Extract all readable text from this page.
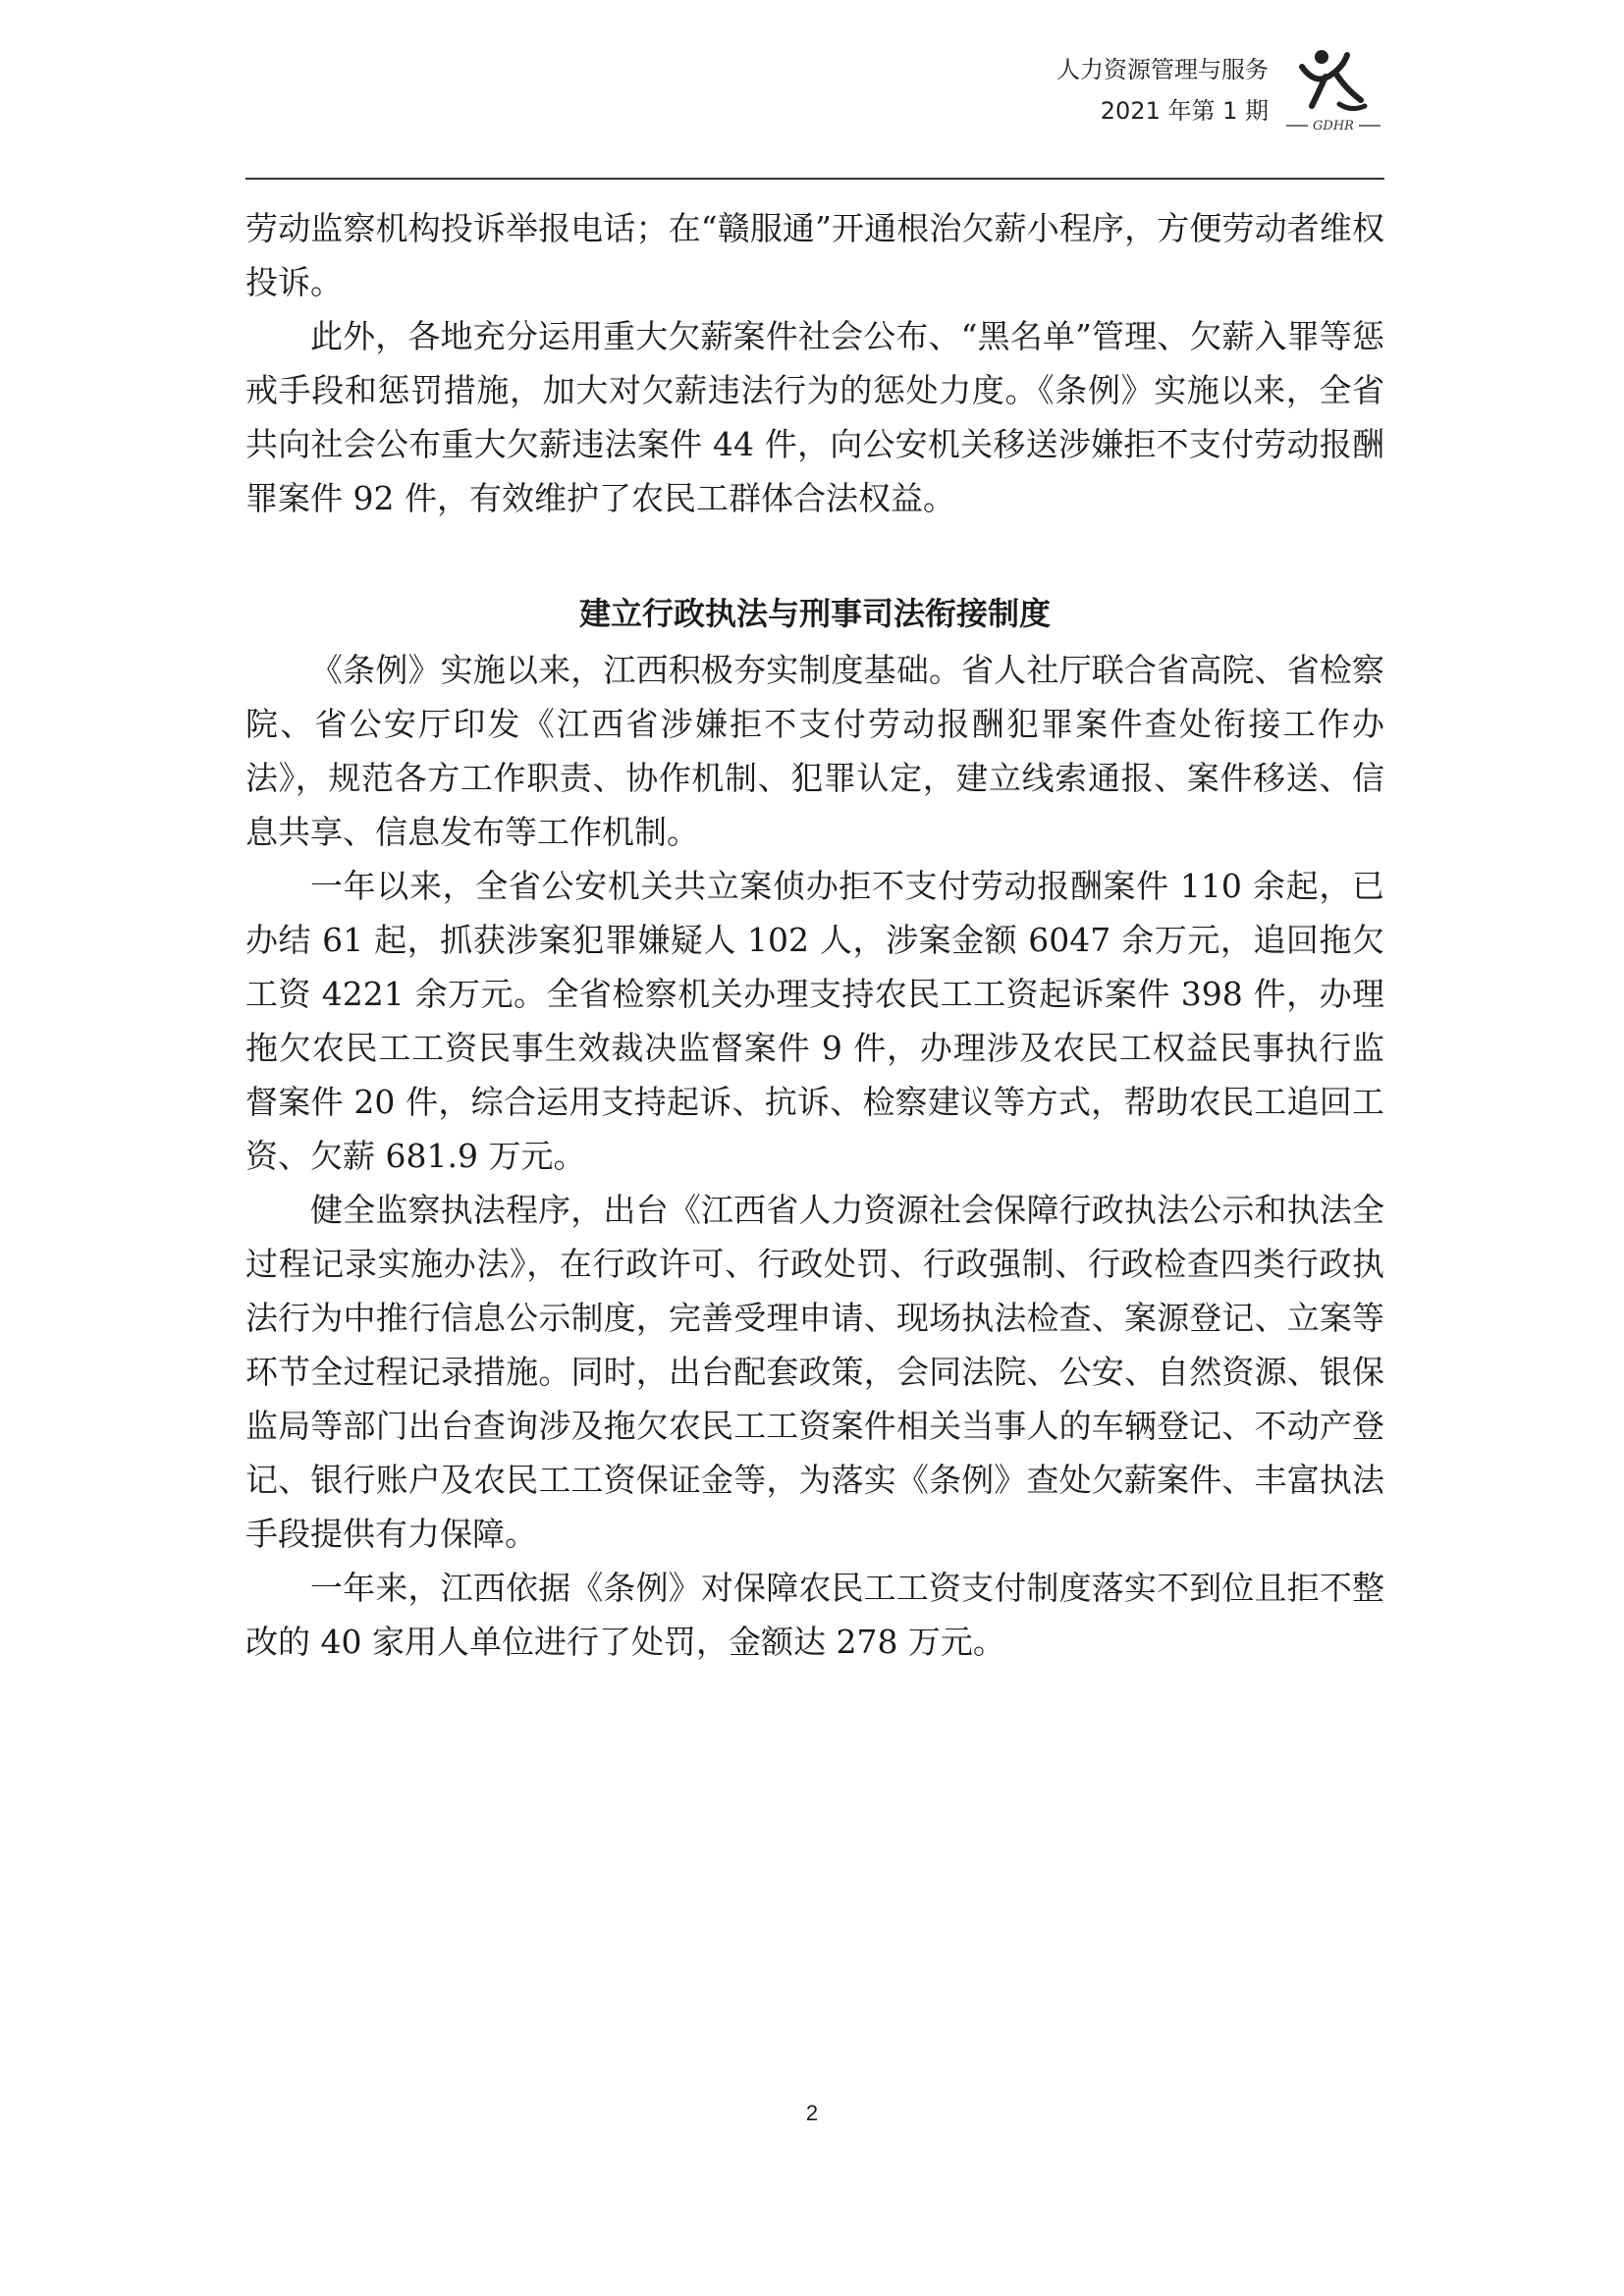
人力资源管理与服务
2021 年第 1 期
GDHR

劳动监察机构投诉举报电话；在“赣服通”开通根治欠薪小程序，方便劳动者维权投诉。

此外，各地充分运用重大欠薪案件社会公布、“黑名单”管理、欠薪入罪等惩戒手段和惩罚措施，加大对欠薪违法行为的惩处力度。《条例》实施以来，全省共向社会公布重大欠薪违法案件 44 件，向公安机关移送涉嫌拒不支付劳动报酬罪案件 92 件，有效维护了农民工群体合法权益。

建立行政执法与刑事司法衔接制度

《条例》实施以来，江西积极夯实制度基础。省人社厅联合省高院、省检察院、省公安厅印发《江西省涉嫌拒不支付劳动报酬犯罪案件查处衔接工作办法》，规范各方工作职责、协作机制、犯罪认定，建立线索通报、案件移送、信息共享、信息发布等工作机制。

一年以来，全省公安机关共立案侦办拒不支付劳动报酬案件 110 余起，已办结 61 起，抓获涉案犯罪嫌疑人 102 人，涉案金额 6047 余万元，追回拖欠工资 4221 余万元。全省检察机关办理支持农民工工资起诉案件 398 件，办理拖欠农民工工资民事生效裁决监督案件 9 件，办理涉及农民工权益民事执行监督案件 20 件，综合运用支持起诉、抗诉、检察建议等方式，帮助农民工追回工资、欠薪 681.9 万元。

健全监察执法程序，出台《江西省人力资源社会保障行政执法公示和执法全过程记录实施办法》，在行政许可、行政处罚、行政强制、行政检查四类行政执法行为中推行信息公示制度，完善受理申请、现场执法检查、案源登记、立案等环节全过程记录措施。同时，出台配套政策，会同法院、公安、自然资源、银保监局等部门出台查询涉及拖欠农民工工资案件相关当事人的车辆登记、不动产登记、银行账户及农民工工资保证金等，为落实《条例》查处欠薪案件、丰富执法手段提供有力保障。

一年来，江西依据《条例》对保障农民工工资支付制度落实不到位且拒不整改的 40 家用人单位进行了处罚，金额达 278 万元。

2
